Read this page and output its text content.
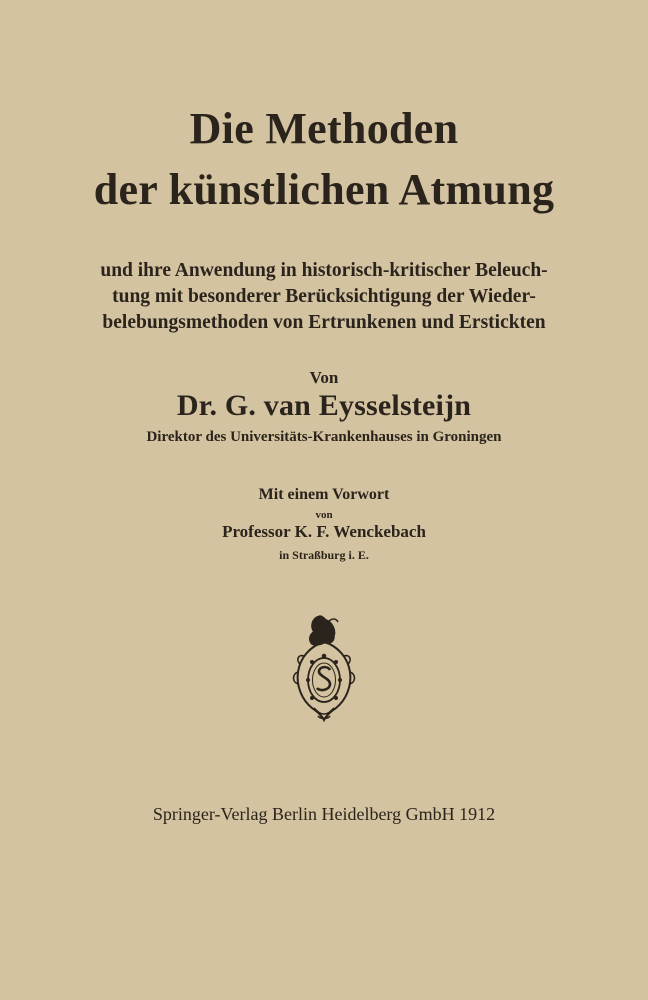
Die Methoden
der künstlichen Atmung
und ihre Anwendung in historisch-kritischer Beleuch-
tung mit besonderer Berücksichtigung der Wieder-
belebungsmethoden von Ertrunkenen und Erstickten
Von
Dr. G. van Eysselsteijn
Direktor des Universitäts-Krankenhauses in Groningen
Mit einem Vorwort
von
Professor K. F. Wenckebach
in Straßburg i. E.
Springer-Verlag Berlin Heidelberg GmbH 1912
